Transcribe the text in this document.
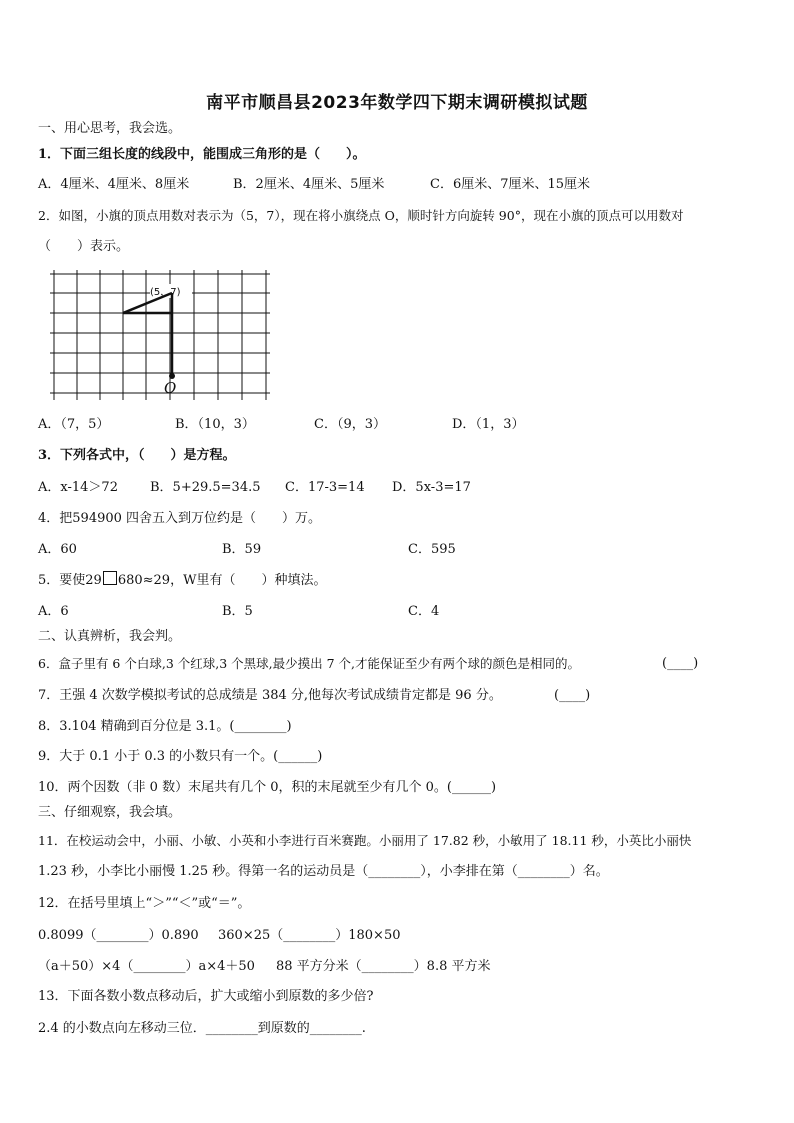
南平市顺昌县2023年数学四下期末调研模拟试题
一、用心思考，我会选。
1．下面三组长度的线段中，能围成三角形的是（　　）。
A．4厘米、4厘米、8厘米	B．2厘米、4厘米、5厘米	C．6厘米、7厘米、15厘米
2．如图，小旗的顶点用数对表示为（5，7），现在将小旗绕点 O，顺时针方向旋转 90°，现在小旗的顶点可以用数对
（　　）表示。
(5，7)
O
A．（7，5）	B．（10，3）	C．（9，3）	D．（1，3）
3．下列各式中，（　　）是方程。
A．x-14＞72 B．5+29.5=34.5 C．17-3=14 D．5x-3=17
4．把594900 四舍五入到万位约是（　　）万。
A．60	B．59	C．595
5．要使29 680≈29，W里有（　　）种填法。
A．6	B．5	C．4
二、认真辨析，我会判。
6．盒子里有 6 个白球,3 个红球,3 个黑球,最少摸出 7 个,才能保证至少有两个球的颜色是相同的。	(____)
7．王强 4 次数学模拟考试的总成绩是 384 分,他每次考试成绩肯定都是 96 分。	(____)
8．3.104 精确到百分位是 3.1。(________)
9．大于 0.1 小于 0.3 的小数只有一个。(______)
10．两个因数（非 0 数）末尾共有几个 0，积的末尾就至少有几个 0。(______)
三、仔细观察，我会填。
11．在校运动会中，小丽、小敏、小英和小李进行百米赛跑。小丽用了 17.82 秒，小敏用了 18.11 秒，小英比小丽快
1.23 秒，小李比小丽慢 1.25 秒。得第一名的运动员是（________），小李排在第（________）名。
12．在括号里填上“＞”“＜”或“＝”。
0.8099（________）0.890 360×25（________）180×50
（a＋50）×4（________）a×4＋50 88 平方分米（________）8.8 平方米
13．下面各数小数点移动后，扩大或缩小到原数的多少倍?
2.4 的小数点向左移动三位．________到原数的________.
